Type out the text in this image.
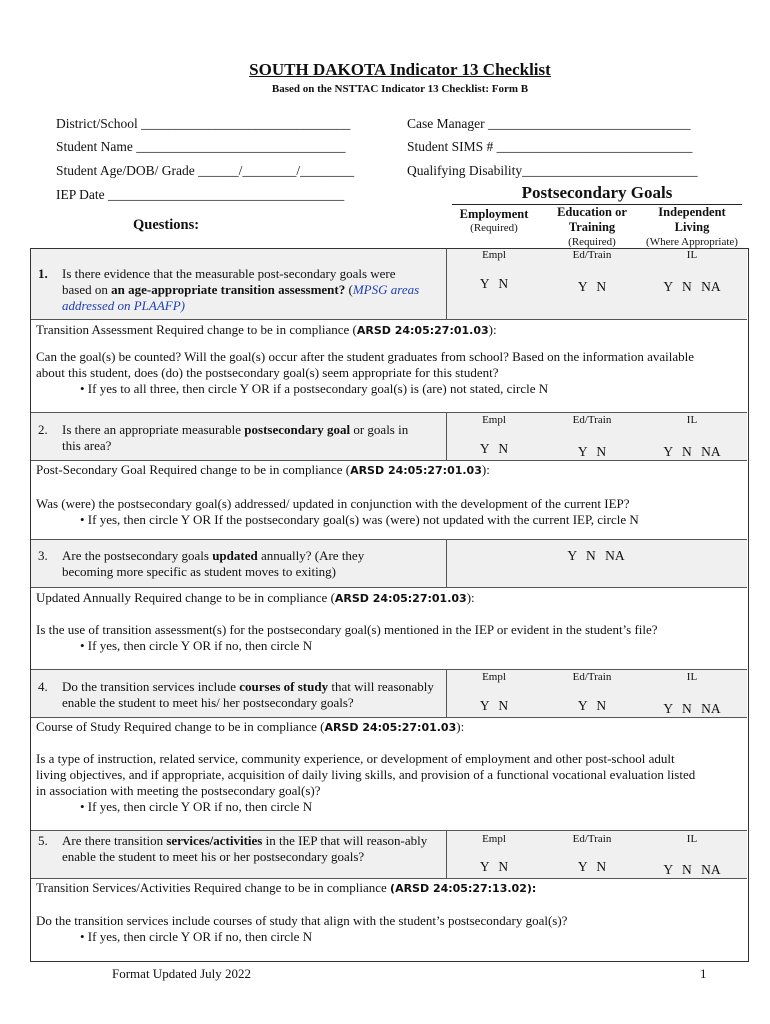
SOUTH DAKOTA Indicator 13 Checklist
Based on the NSTTAC Indicator 13 Checklist: Form B
District/School _______________________________
Student Name _______________________________
Student Age/DOB/ Grade ______/________/________
IEP Date ___________________________________
Case Manager ______________________________
Student SIMS # _____________________________
Qualifying Disability__________________________
Postsecondary Goals
Questions:
Employment
(Required)
Education or
Training
(Required)
Independent
Living
(Where Appropriate)
Empl	Ed/Train	IL
1. Is there evidence that the measurable post-secondary goals were
based on an age-appropriate transition assessment? (MPSG areas
addressed on PLAAFP)
Y N	Y N	Y N NA
Transition Assessment Required change to be in compliance (ARSD 24:05:27:01.03):
Can the goal(s) be counted? Will the goal(s) occur after the student graduates from school? Based on the information available
about this student, does (do) the postsecondary goal(s) seem appropriate for this student?
• If yes to all three, then circle Y OR if a postsecondary goal(s) is (are) not stated, circle N
Empl	Ed/Train	IL
2. Is there an appropriate measurable postsecondary goal or goals in
this area?	Y N	Y N	Y N NA
Post-Secondary Goal Required change to be in compliance (ARSD 24:05:27:01.03):
Was (were) the postsecondary goal(s) addressed/ updated in conjunction with the development of the current IEP?
• If yes, then circle Y OR If the postsecondary goal(s) was (were) not updated with the current IEP, circle N
3. Are the postsecondary goals updated annually? (Are they
becoming more specific as student moves to exiting)
Y N NA
Updated Annually Required change to be in compliance (ARSD 24:05:27:01.03):
Is the use of transition assessment(s) for the postsecondary goal(s) mentioned in the IEP or evident in the student’s file?
• If yes, then circle Y OR if no, then circle N
Empl	Ed/Train	IL
4. Do the transition services include courses of study that will reasonably
enable the student to meet his/ her postsecondary goals?	Y N	Y N	Y N NA
Course of Study Required change to be in compliance (ARSD 24:05:27:01.03):
Is a type of instruction, related service, community experience, or development of employment and other post-school adult
living objectives, and if appropriate, acquisition of daily living skills, and provision of a functional vocational evaluation listed
in association with meeting the postsecondary goal(s)?
• If yes, then circle Y OR if no, then circle N
Empl	Ed/Train	IL
5. Are there transition services/activities in the IEP that will reason-ably
enable the student to meet his or her postsecondary goals?
Y N	Y N	Y N NA
Transition Services/Activities Required change to be in compliance (ARSD 24:05:27:13.02):
Do the transition services include courses of study that align with the student’s postsecondary goal(s)?
• If yes, then circle Y OR if no, then circle N
Format Updated July 2022	1
